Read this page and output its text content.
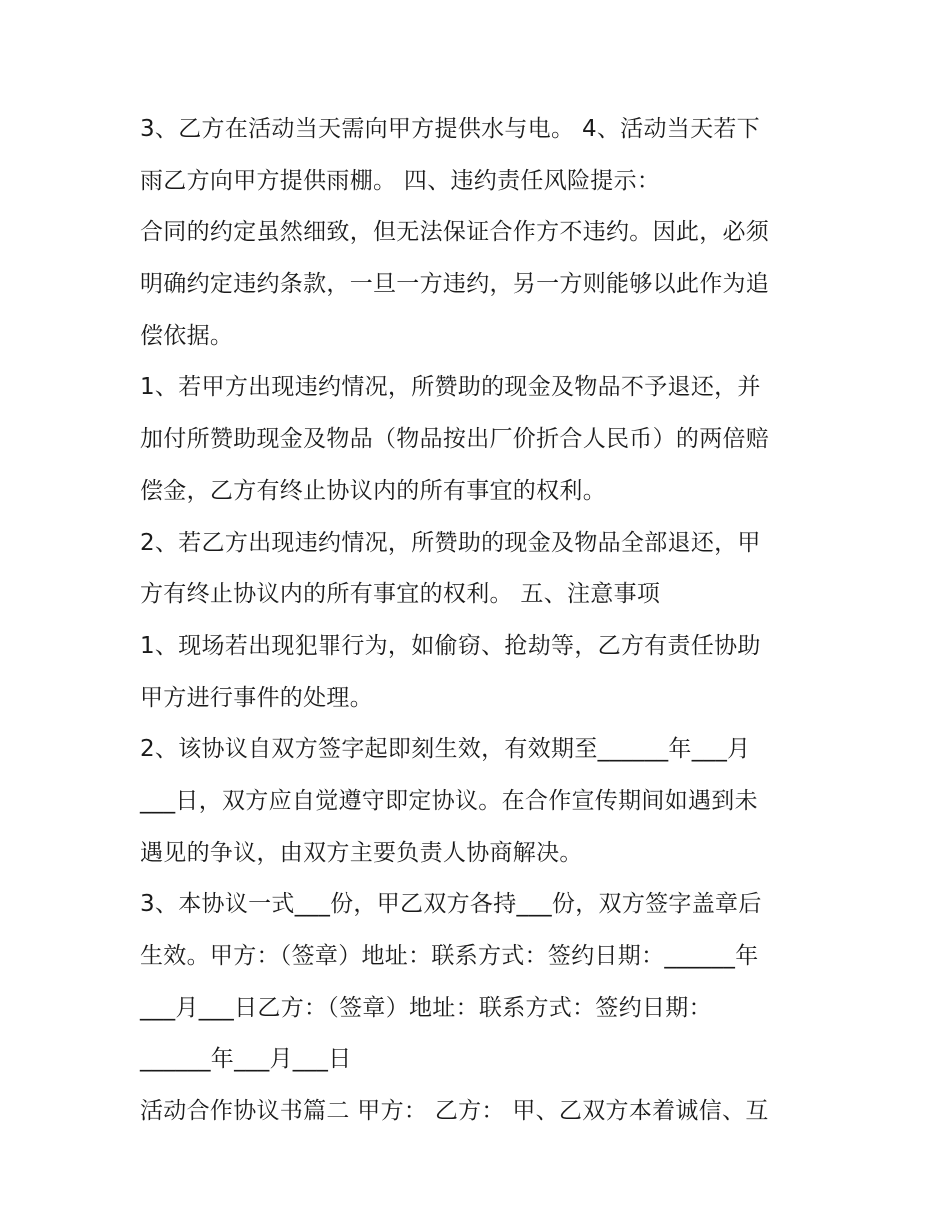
3、乙方在活动当天需向甲方提供水与电。 4、活动当天若下

雨乙方向甲方提供雨棚。 四、违约责任风险提示：

合同的约定虽然细致，但无法保证合作方不违约。因此，必须

明确约定违约条款，一旦一方违约，另一方则能够以此作为追

偿依据。

1、若甲方出现违约情况，所赞助的现金及物品不予退还，并

加付所赞助现金及物品（物品按出厂价折合人民币）的两倍赔

偿金，乙方有终止协议内的所有事宜的权利。

2、若乙方出现违约情况，所赞助的现金及物品全部退还，甲

方有终止协议内的所有事宜的权利。 五、注意事项

1、现场若出现犯罪行为，如偷窃、抢劫等，乙方有责任协助

甲方进行事件的处理。

2、该协议自双方签字起即刻生效，有效期至______年___月

___日，双方应自觉遵守即定协议。在合作宣传期间如遇到未

遇见的争议，由双方主要负责人协商解决。

3、本协议一式___份，甲乙双方各持___份，双方签字盖章后

生效。甲方：（签章）地址：联系方式：签约日期：______年

___月___日乙方：（签章）地址：联系方式：签约日期：

______年___月___日

活动合作协议书篇二 甲方： 乙方： 甲、乙双方本着诚信、互
